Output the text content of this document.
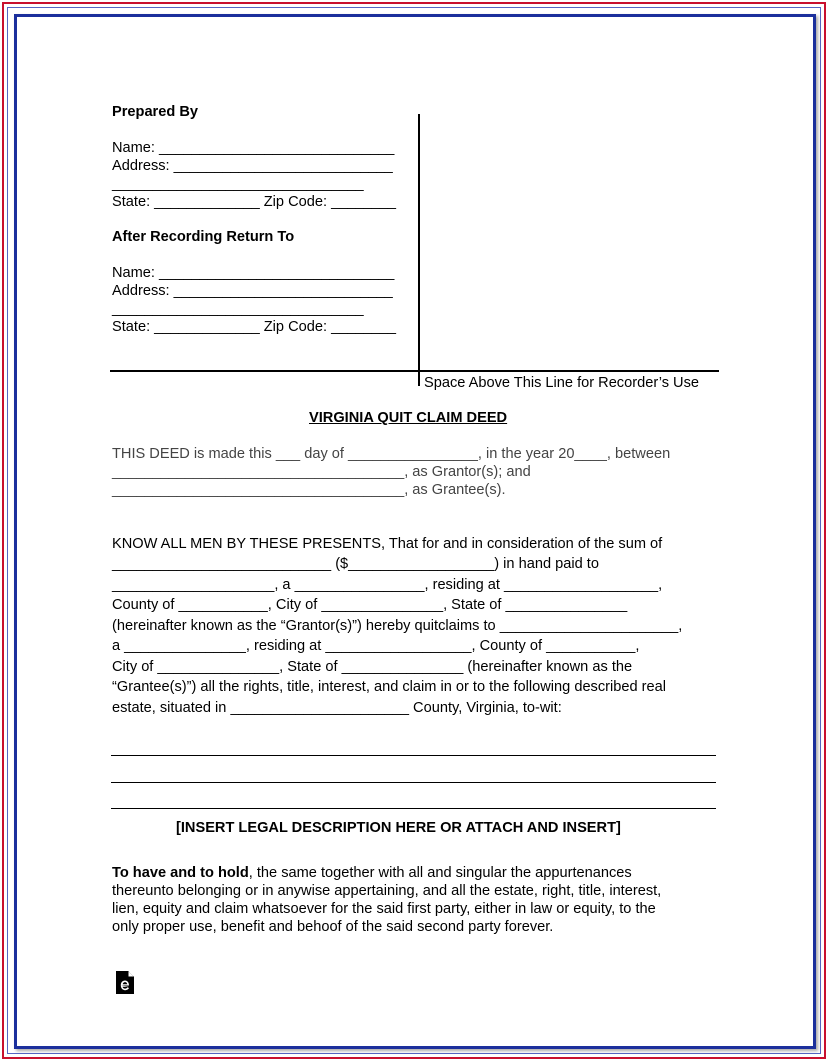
Prepared By
Name: _____________________________
Address: ___________________________
_______________________________
State: _____________ Zip Code: ________
After Recording Return To
Name: _____________________________
Address: ___________________________
_______________________________
State: _____________ Zip Code: ________
Space Above This Line for Recorder’s Use
VIRGINIA QUIT CLAIM DEED
THIS DEED is made this ___ day of ________________, in the year 20____, between
____________________________________, as Grantor(s); and
____________________________________, as Grantee(s).
KNOW ALL MEN BY THESE PRESENTS, That for and in consideration of the sum of
___________________________ ($__________________) in hand paid to
____________________, a ________________, residing at ___________________,
County of ___________, City of _______________, State of _______________
(hereinafter known as the “Grantor(s)”) hereby quitclaims to ______________________,
a _______________, residing at __________________, County of ___________,
City of _______________, State of _______________ (hereinafter known as the
“Grantee(s)”) all the rights, title, interest, and claim in or to the following described real
estate, situated in ______________________ County, Virginia, to-wit:
[INSERT LEGAL DESCRIPTION HERE OR ATTACH AND INSERT]
To have and to hold, the same together with all and singular the appurtenances
thereunto belonging or in anywise appertaining, and all the estate, right, title, interest,
lien, equity and claim whatsoever for the said first party, either in law or equity, to the
only proper use, benefit and behoof of the said second party forever.
